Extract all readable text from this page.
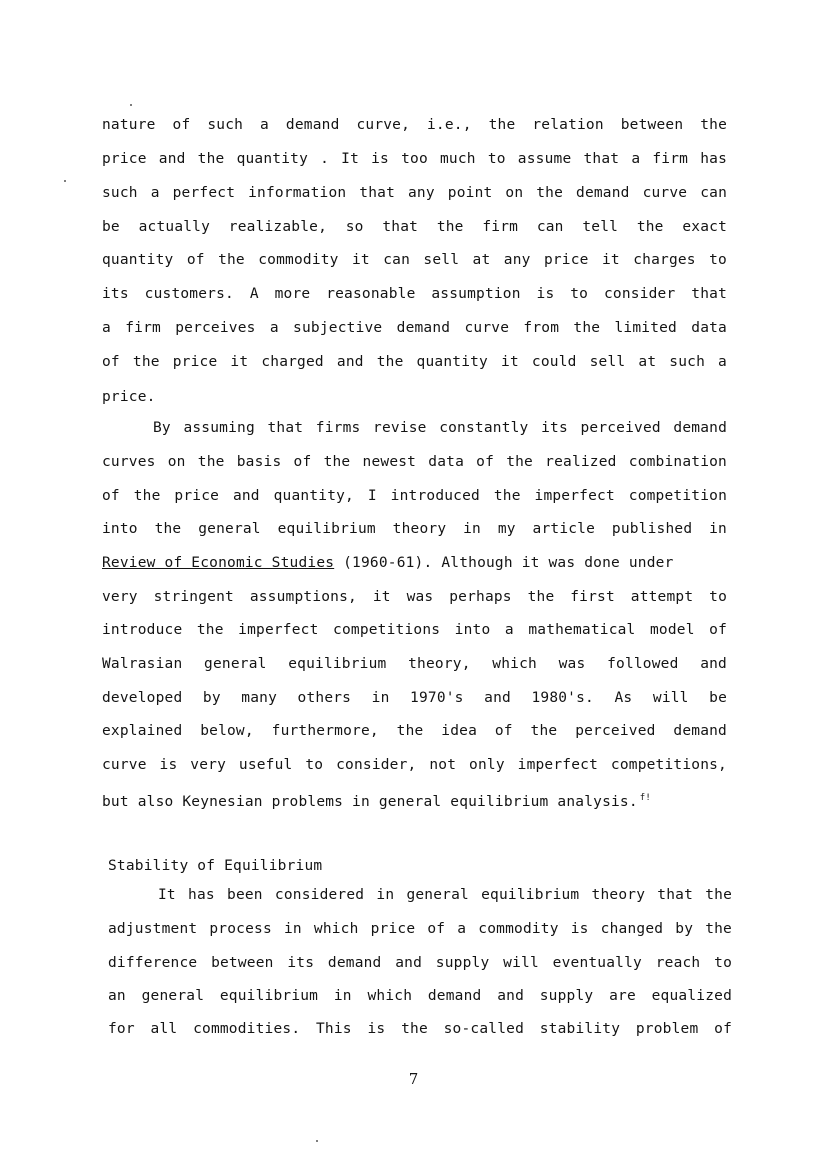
nature of such a demand curve, i.e., the relation between the
price and the quantity . It is too much to assume that a firm has
such a perfect information that any point on the demand curve can
be actually realizable, so that the firm can tell the exact
quantity of the commodity it can sell at any price it charges to
its customers. A more reasonable assumption is to consider that
a firm perceives a subjective demand curve from the limited data
of the price it charged and the quantity it could sell at such a
price.
By assuming that firms revise constantly its perceived demand
curves on the basis of the newest data of the realized combination
of the price and quantity, I introduced the imperfect competition
into the general equilibrium theory in my article published in
Review of Economic Studies (1960-61). Although it was done under
very stringent assumptions, it was perhaps the first attempt to
introduce the imperfect competitions into a mathematical model of
Walrasian general equilibrium theory, which was followed and
developed by many others in 1970's and 1980's. As will be
explained below, furthermore, the idea of the perceived demand
curve is very useful to consider, not only imperfect competitions,
but also Keynesian problems in general equilibrium analysis. $^{f!}$
Stability of Equilibrium
It has been considered in general equilibrium theory that the
adjustment process in which price of a commodity is changed by the
difference between its demand and supply will eventually reach to
an general equilibrium in which demand and supply are equalized
for all commodities. This is the so-called stability problem of
7
